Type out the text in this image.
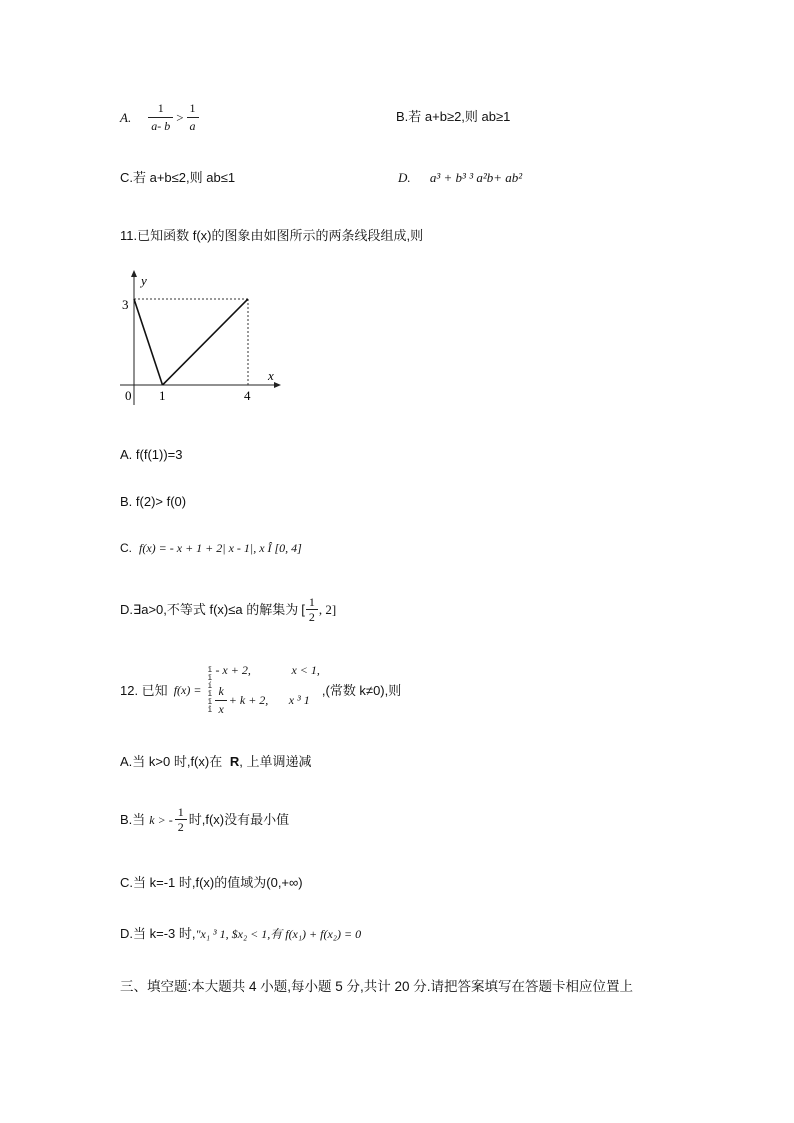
A. $\frac{1}{a- b} > \frac{1}{a}$	B.若 a+b≥2,则 ab≥1
C.若 a+b≤2,则 ab≤1	D. a³ + b³ ³ a²b+ ab²
11.已知函数 f(x)的图象由如图所示的两条线段组成,则
y
x
3
0 1	4
A. f(f(1))=3
B. f(2)> f(0)
C. f(x) = - x + 1 + 2| x - 1|, x Î [0, 4]
D.∃a>0,不等式 f(x)≤a 的解集为 [ $\frac{1}{2}$ , 2]
12. 已知 f(x) =
ï
ï
í
ï
ï
î
- x + 2,	x < 1,
$\frac{k}{x} + k + 2$,	x ³ 1
,(常数 k≠0),则
A.当 k>0 时,f(x)在 R, 上单调递减
B.当 k > - $\frac{1}{2}$ 时,f(x)没有最小值
C.当 k=-1 时,f(x)的值域为(0,+∞)
D.当 k=-3 时,"x₁ ³ 1, $x₂ < 1,有 f(x₁) + f(x₂) = 0
三、填空题:本大题共 4 小题,每小题 5 分,共计 20 分.请把答案填写在答题卡相应位置上
